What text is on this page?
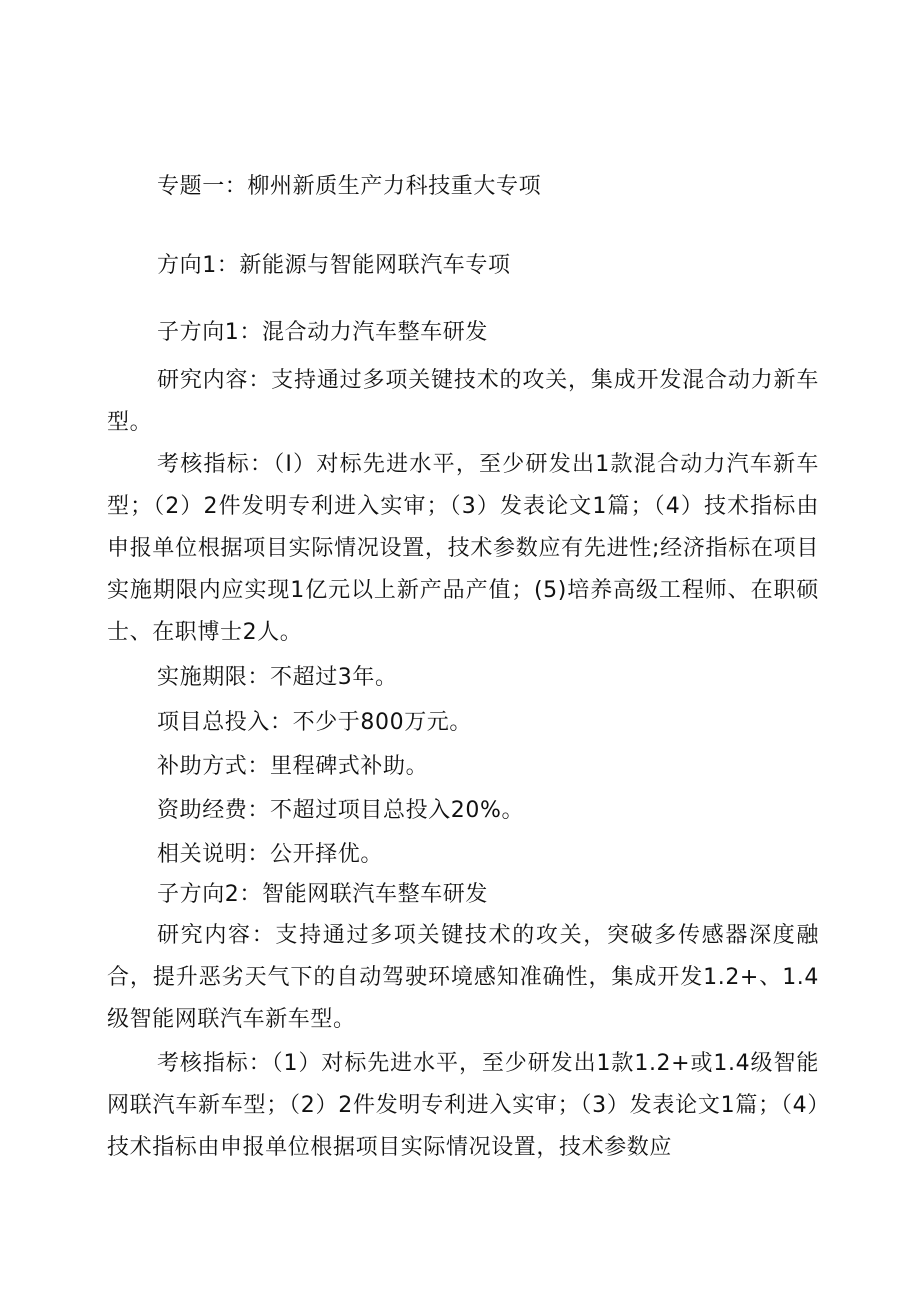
专题一：柳州新质生产力科技重大专项

方向1：新能源与智能网联汽车专项

子方向1：混合动力汽车整车研发

研究内容：支持通过多项关键技术的攻关，集成开发混合动力新车型。

考核指标：（I）对标先进水平，至少研发出1款混合动力汽车新车型；（2）2件发明专利进入实审；（3）发表论文1篇；（4）技术指标由申报单位根据项目实际情况设置，技术参数应有先进性;经济指标在项目实施期限内应实现1亿元以上新产品产值；(5)培养高级工程师、在职硕士、在职博士2人。

实施期限：不超过3年。

项目总投入：不少于800万元。

补助方式：里程碑式补助。

资助经费：不超过项目总投入20%。

相关说明：公开择优。

子方向2：智能网联汽车整车研发

研究内容：支持通过多项关键技术的攻关，突破多传感器深度融合，提升恶劣天气下的自动驾驶环境感知准确性，集成开发1.2+、1.4级智能网联汽车新车型。

考核指标：（1）对标先进水平，至少研发出1款1.2+或1.4级智能网联汽车新车型；（2）2件发明专利进入实审；（3）发表论文1篇；（4）技术指标由申报单位根据项目实际情况设置，技术参数应
